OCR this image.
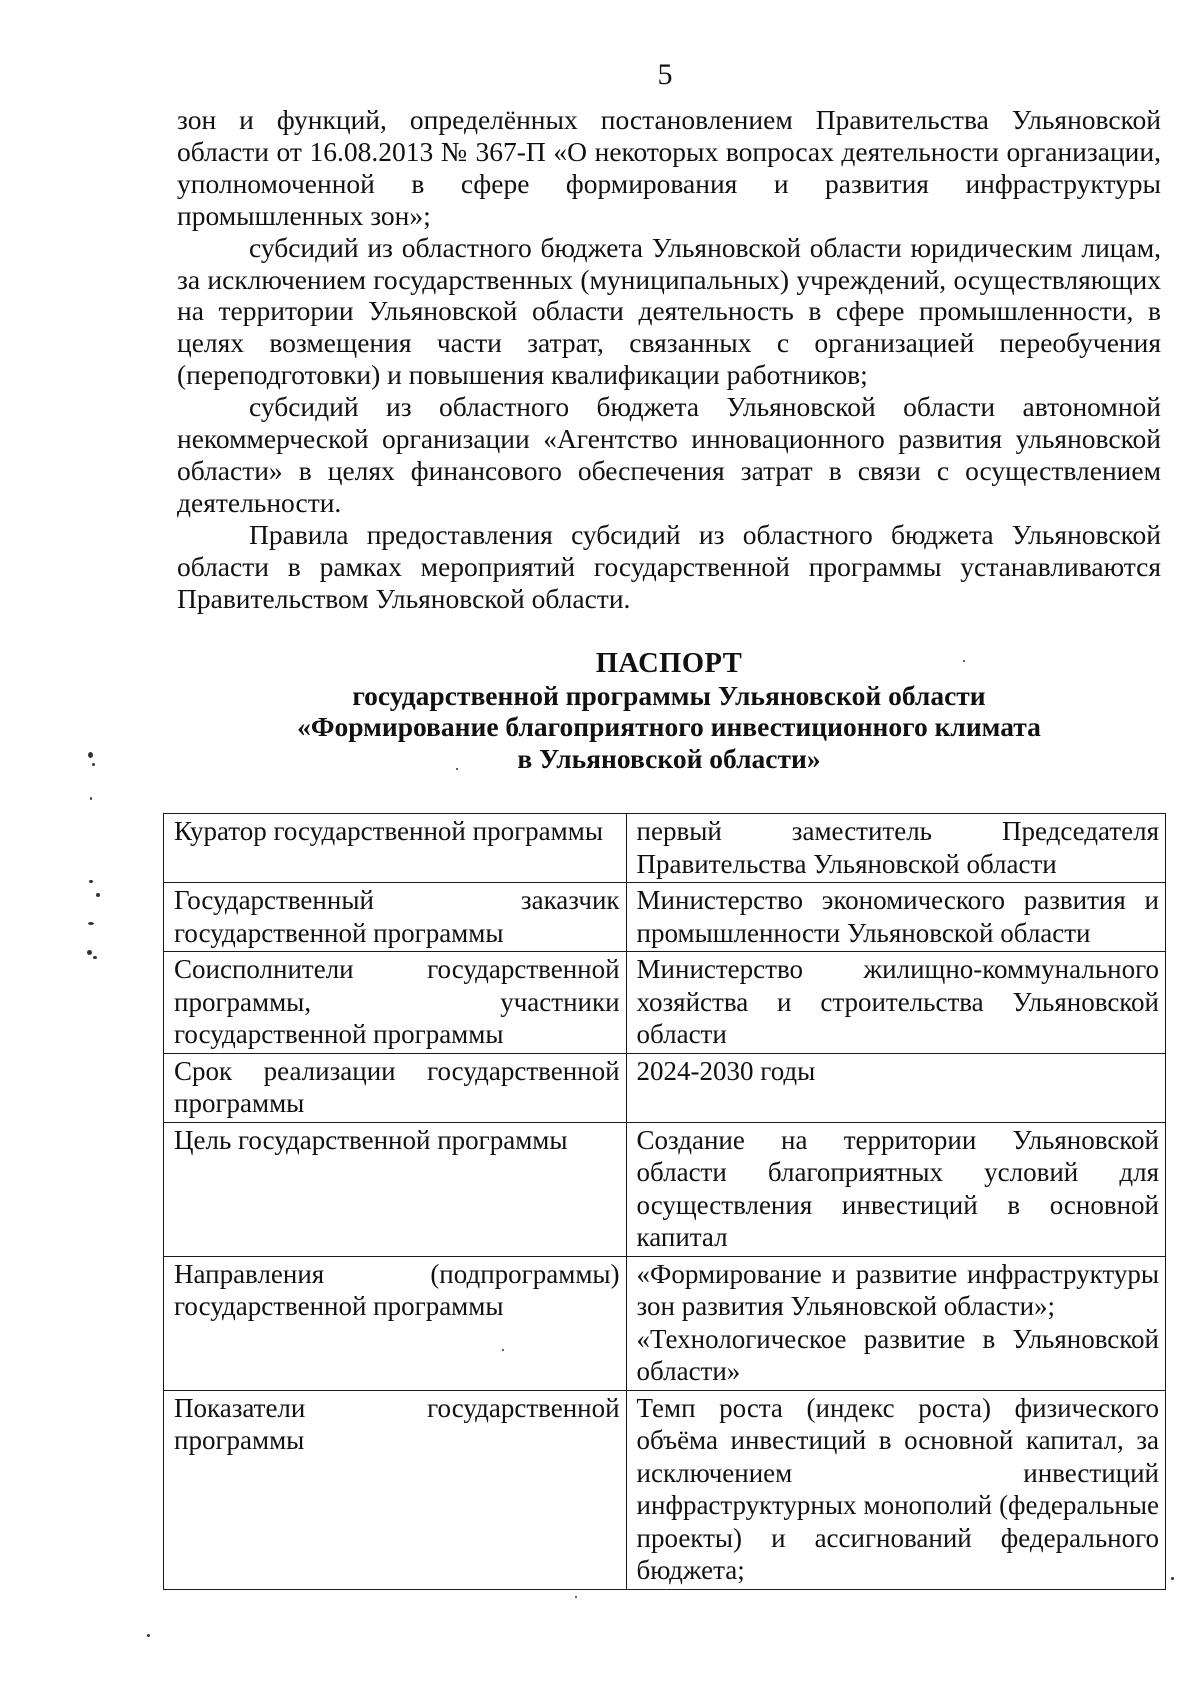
5

зон и функций, определённых постановлением Правительства Ульяновской области от 16.08.2013 № 367-П «О некоторых вопросах деятельности организации, уполномоченной в сфере формирования и развития инфраструктуры промышленных зон»;

субсидий из областного бюджета Ульяновской области юридическим лицам, за исключением государственных (муниципальных) учреждений, осуществляющих на территории Ульяновской области деятельность в сфере промышленности, в целях возмещения части затрат, связанных с организацией переобучения (переподготовки) и повышения квалификации работников;

субсидий из областного бюджета Ульяновской области автономной некоммерческой организации «Агентство инновационного развития ульяновской области» в целях финансового обеспечения затрат в связи с осуществлением деятельности.

Правила предоставления субсидий из областного бюджета Ульяновской области в рамках мероприятий государственной программы устанавливаются Правительством Ульяновской области.

ПАСПОРТ
государственной программы Ульяновской области
«Формирование благоприятного инвестиционного климата
в Ульяновской области»
Куратор государственной программы	первый заместитель Председателя Правительства Ульяновской области
Государственный заказчик государственной программы	Министерство экономического развития и промышленности Ульяновской области
Соисполнители государственной программы, участники государственной программы	Министерство жилищно-коммунального хозяйства и строительства Ульяновской области
Срок реализации государственной программы	2024-2030 годы
Цель государственной программы	Создание на территории Ульяновской области благоприятных условий для осуществления инвестиций в основной капитал
Направления (подпрограммы) государственной программы	«Формирование и развитие инфраструктуры зон развития Ульяновской области»;

«Технологическое развитие в Ульяновской области»

Показатели государственной программы	Темп роста (индекс роста) физического объёма инвестиций в основной капитал, за исключением инвестиций инфраструктурных монополий (федеральные проекты) и ассигнований федерального бюджета;
